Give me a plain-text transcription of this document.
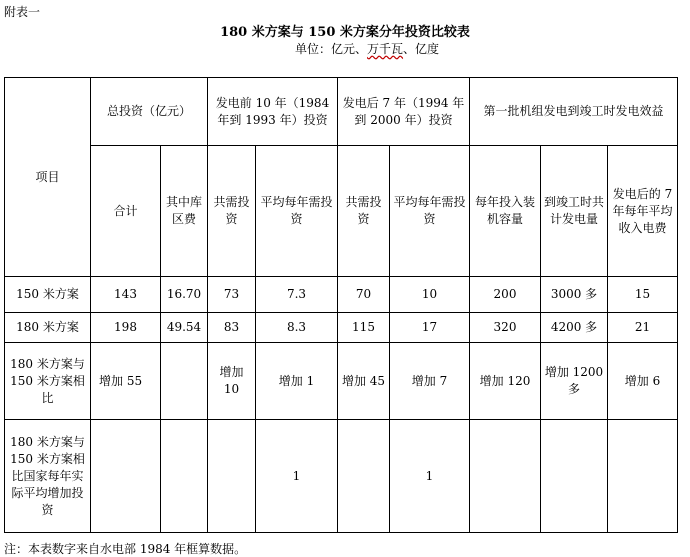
附表一
180 米方案与 150 米方案分年投资比较表
单位：亿元、万千瓦、亿度
项目	总投资（亿元）		发电前 10 年（1984 年到 1993 年）投资		发电后 7 年（1994 年到 2000 年）投资		第一批机组发电到竣工时发电效益		
	合计	其中库区费	共需投资	平均每年需投资	共需投资	平均每年需投资	每年投入装机容量	到竣工时共计发电量	发电后的 7 年每年平均收入电费
150 米方案	143	16.70	73	7.3	70	10	200	3000 多	15
180 米方案	198	49.54	83	8.3	115	17	320	4200 多	21
180 米方案与 150 米方案相比	增加 55		增加 10	增加 1	增加 45	增加 7	增加 120	增加 1200 多	增加 6
180 米方案与 150 米方案相比国家每年实际平均增加投资				1		1			
注：本表数字来自水电部 1984 年框算数据。
